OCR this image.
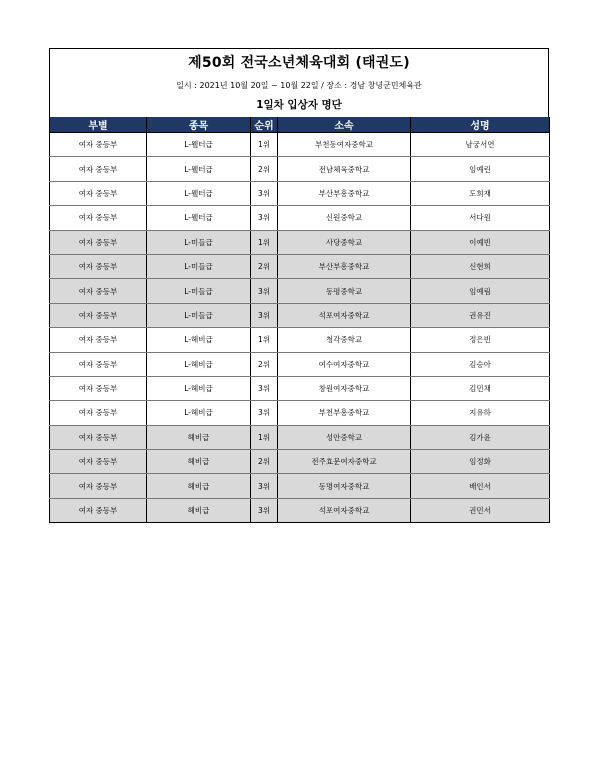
제50회 전국소년체육대회 (태권도)
일시 : 2021년 10월 20일 ~ 10월 22일 / 장소 : 경남 창녕군민체육관
1일차 입상자 명단
부별	종목	순위	소속	성명
여자 중등부	L-웰터급	1위	부천동여자중학교	남궁서연
여자 중등부	L-웰터급	2위	전남체육중학교	임예린
여자 중등부	L-웰터급	3위	부산부흥중학교	도희재
여자 중등부	L-웰터급	3위	신원중학교	서다원
여자 중등부	L-미들급	1위	사당중학교	이예빈
여자 중등부	L-미들급	2위	부산부흥중학교	신현희
여자 중등부	L-미들급	3위	동평중학교	임예림
여자 중등부	L-미들급	3위	석포여자중학교	권유진
여자 중등부	L-헤비급	1위	청각중학교	정은빈
여자 중등부	L-헤비급	2위	여수여자중학교	김승아
여자 중등부	L-헤비급	3위	창원여자중학교	김민채
여자 중등부	L-헤비급	3위	부천부흥중학교	지유하
여자 중등부	헤비급	1위	성안중학교	김가윤
여자 중등부	헤비급	2위	전주효문여자중학교	임정화
여자 중등부	헤비급	3위	동명여자중학교	배인서
여자 중등부	헤비급	3위	석포여자중학교	권민서
